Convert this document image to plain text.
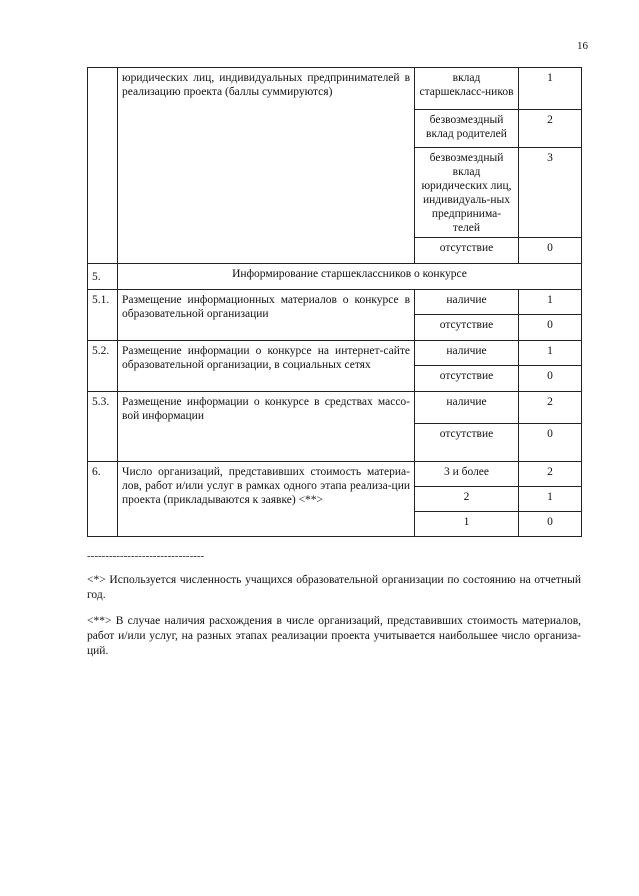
16
	юридических лиц, индивидуальных предпринимателей в реализацию проекта (баллы суммируются)	вклад старшекласс-ников	1
		безвозмездный вклад родителей	2
		безвозмездный вклад юридических лиц, индивидуаль-ных предпринима-телей	3
		отсутствие	0
5.	Информирование старшеклассников о конкурсе		
5.1.	Размещение информационных материалов о конкурсе в образовательной организации	наличие	1
		отсутствие	0
5.2.	Размещение информации о конкурсе на интернет-сайте образовательной организации, в социальных сетях	наличие	1
		отсутствие	0
5.3.	Размещение информации о конкурсе в средствах массо-вой информации	наличие	2
		отсутствие	0
6.	Число организаций, представивших стоимость материа-лов, работ и/или услуг в рамках одного этапа реализа-ции проекта (прикладываются к заявке) <**>	3 и более	2
		2	1
		1	0
--------------------------------
<*> Используется численность учащихся образовательной организации по состоянию на отчетный год.
<**> В случае наличия расхождения в числе организаций, представивших стоимость материалов, работ и/или услуг, на разных этапах реализации проекта учитывается наибольшее число организа-ций.
